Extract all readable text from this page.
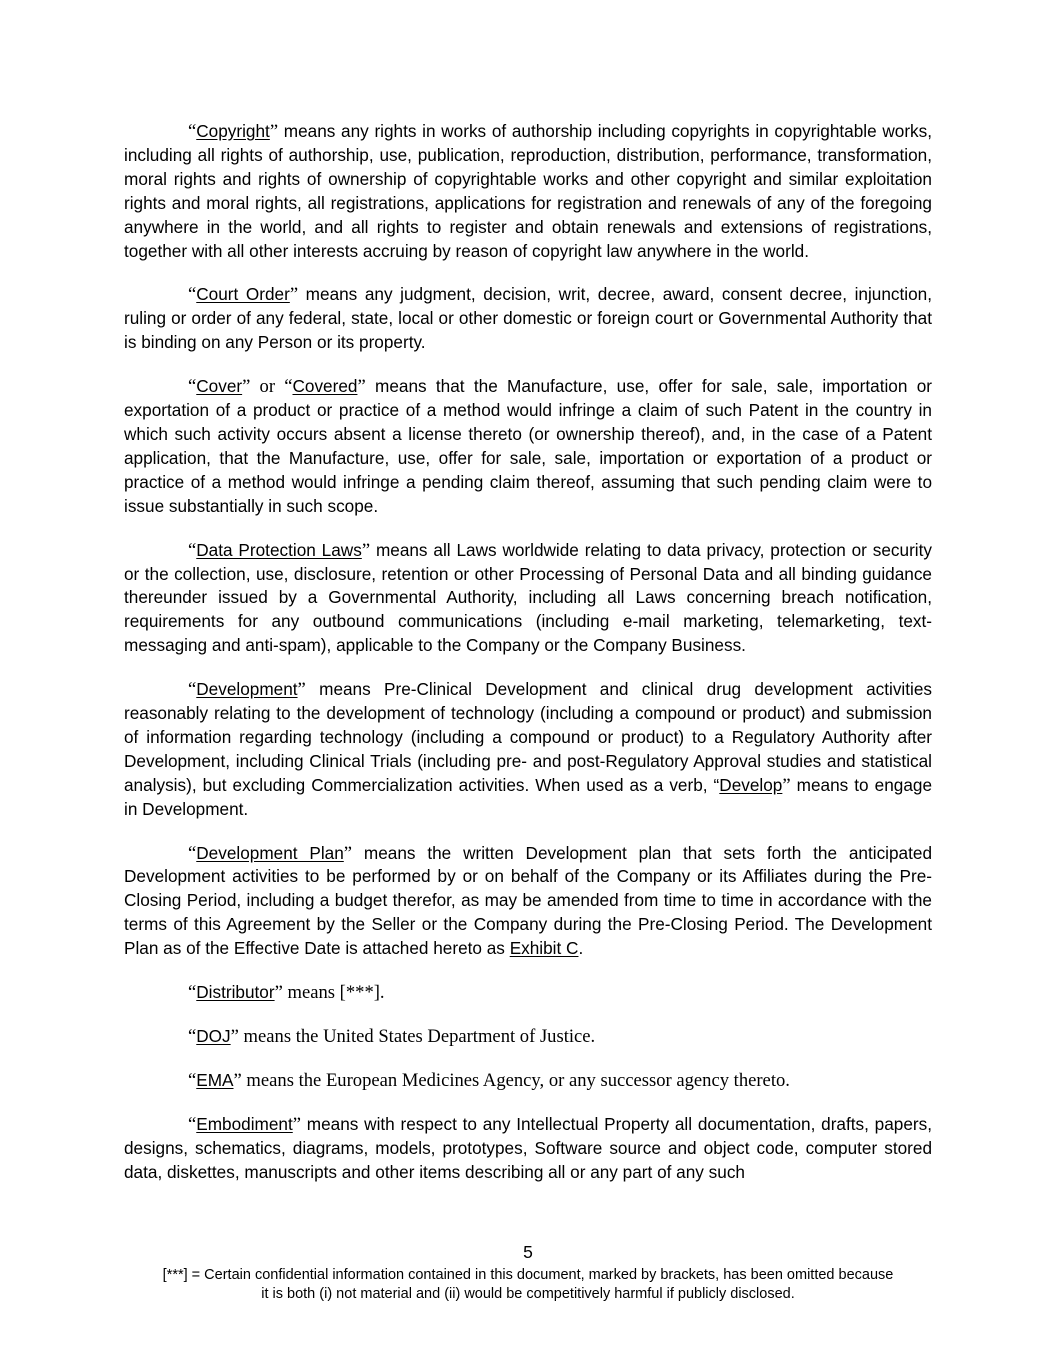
“Copyright” means any rights in works of authorship including copyrights in copyrightable works, including all rights of authorship, use, publication, reproduction, distribution, performance, transformation, moral rights and rights of ownership of copyrightable works and other copyright and similar exploitation rights and moral rights, all registrations, applications for registration and renewals of any of the foregoing anywhere in the world, and all rights to register and obtain renewals and extensions of registrations, together with all other interests accruing by reason of copyright law anywhere in the world.

“Court Order” means any judgment, decision, writ, decree, award, consent decree, injunction, ruling or order of any federal, state, local or other domestic or foreign court or Governmental Authority that is binding on any Person or its property.

“Cover” or “Covered” means that the Manufacture, use, offer for sale, sale, importation or exportation of a product or practice of a method would infringe a claim of such Patent in the country in which such activity occurs absent a license thereto (or ownership thereof), and, in the case of a Patent application, that the Manufacture, use, offer for sale, sale, importation or exportation of a product or practice of a method would infringe a pending claim thereof, assuming that such pending claim were to issue substantially in such scope.

“Data Protection Laws” means all Laws worldwide relating to data privacy, protection or security or the collection, use, disclosure, retention or other Processing of Personal Data and all binding guidance thereunder issued by a Governmental Authority, including all Laws concerning breach notification, requirements for any outbound communications (including e-mail marketing, telemarketing, text-messaging and anti-spam), applicable to the Company or the Company Business.

“Development” means Pre-Clinical Development and clinical drug development activities reasonably relating to the development of technology (including a compound or product) and submission of information regarding technology (including a compound or product) to a Regulatory Authority after Development, including Clinical Trials (including pre- and post-Regulatory Approval studies and statistical analysis), but excluding Commercialization activities. When used as a verb, “Develop” means to engage in Development.

“Development Plan” means the written Development plan that sets forth the anticipated Development activities to be performed by or on behalf of the Company or its Affiliates during the Pre-Closing Period, including a budget therefor, as may be amended from time to time in accordance with the terms of this Agreement by the Seller or the Company during the Pre-Closing Period. The Development Plan as of the Effective Date is attached hereto as Exhibit C.

“Distributor” means [***].

“DOJ” means the United States Department of Justice.

“EMA” means the European Medicines Agency, or any successor agency thereto.

“Embodiment” means with respect to any Intellectual Property all documentation, drafts, papers, designs, schematics, diagrams, models, prototypes, Software source and object code, computer stored data, diskettes, manuscripts and other items describing all or any part of any such

5
[***] = Certain confidential information contained in this document, marked by brackets, has been omitted because
it is both (i) not material and (ii) would be competitively harmful if publicly disclosed.
